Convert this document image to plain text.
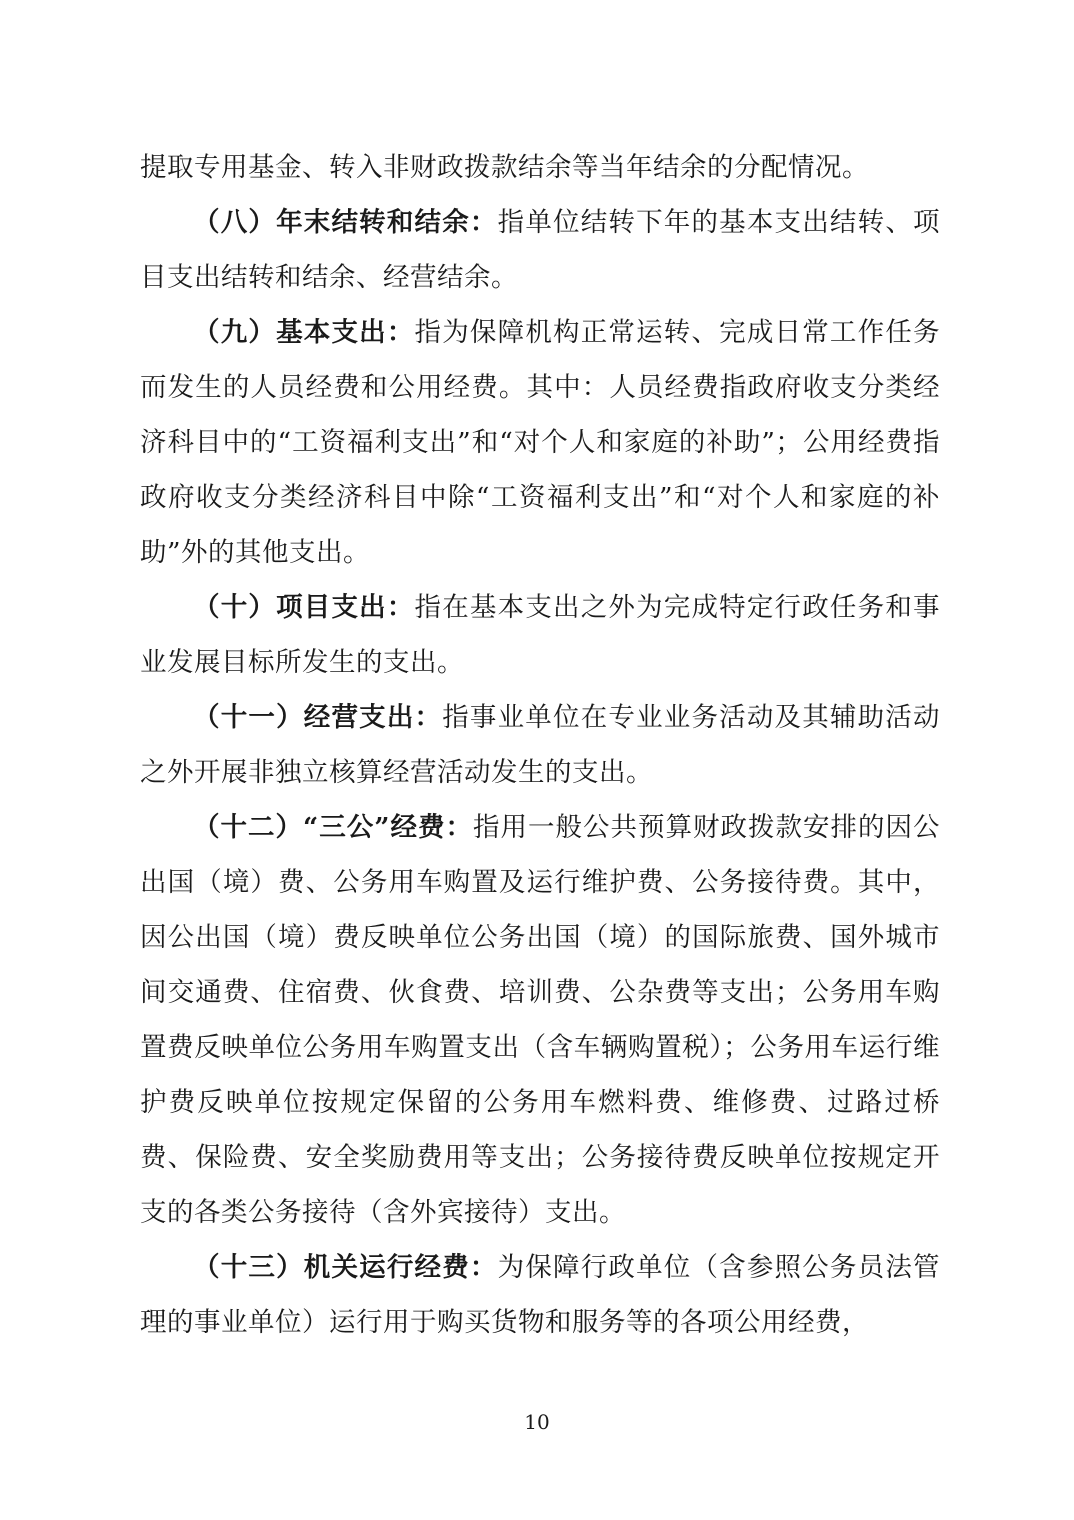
提取专用基金、转入非财政拨款结余等当年结余的分配情况。

（八）年末结转和结余：指单位结转下年的基本支出结转、项目支出结转和结余、经营结余。

（九）基本支出：指为保障机构正常运转、完成日常工作任务而发生的人员经费和公用经费。其中：人员经费指政府收支分类经济科目中的“工资福利支出”和“对个人和家庭的补助”；公用经费指政府收支分类经济科目中除“工资福利支出”和“对个人和家庭的补助”外的其他支出。

（十）项目支出：指在基本支出之外为完成特定行政任务和事业发展目标所发生的支出。

（十一）经营支出：指事业单位在专业业务活动及其辅助活动之外开展非独立核算经营活动发生的支出。

（十二）“三公”经费：指用一般公共预算财政拨款安排的因公出国（境）费、公务用车购置及运行维护费、公务接待费。其中，因公出国（境）费反映单位公务出国（境）的国际旅费、国外城市间交通费、住宿费、伙食费、培训费、公杂费等支出；公务用车购置费反映单位公务用车购置支出（含车辆购置税）；公务用车运行维护费反映单位按规定保留的公务用车燃料费、维修费、过路过桥费、保险费、安全奖励费用等支出；公务接待费反映单位按规定开支的各类公务接待（含外宾接待）支出。

（十三）机关运行经费：为保障行政单位（含参照公务员法管理的事业单位）运行用于购买货物和服务等的各项公用经费，

10
